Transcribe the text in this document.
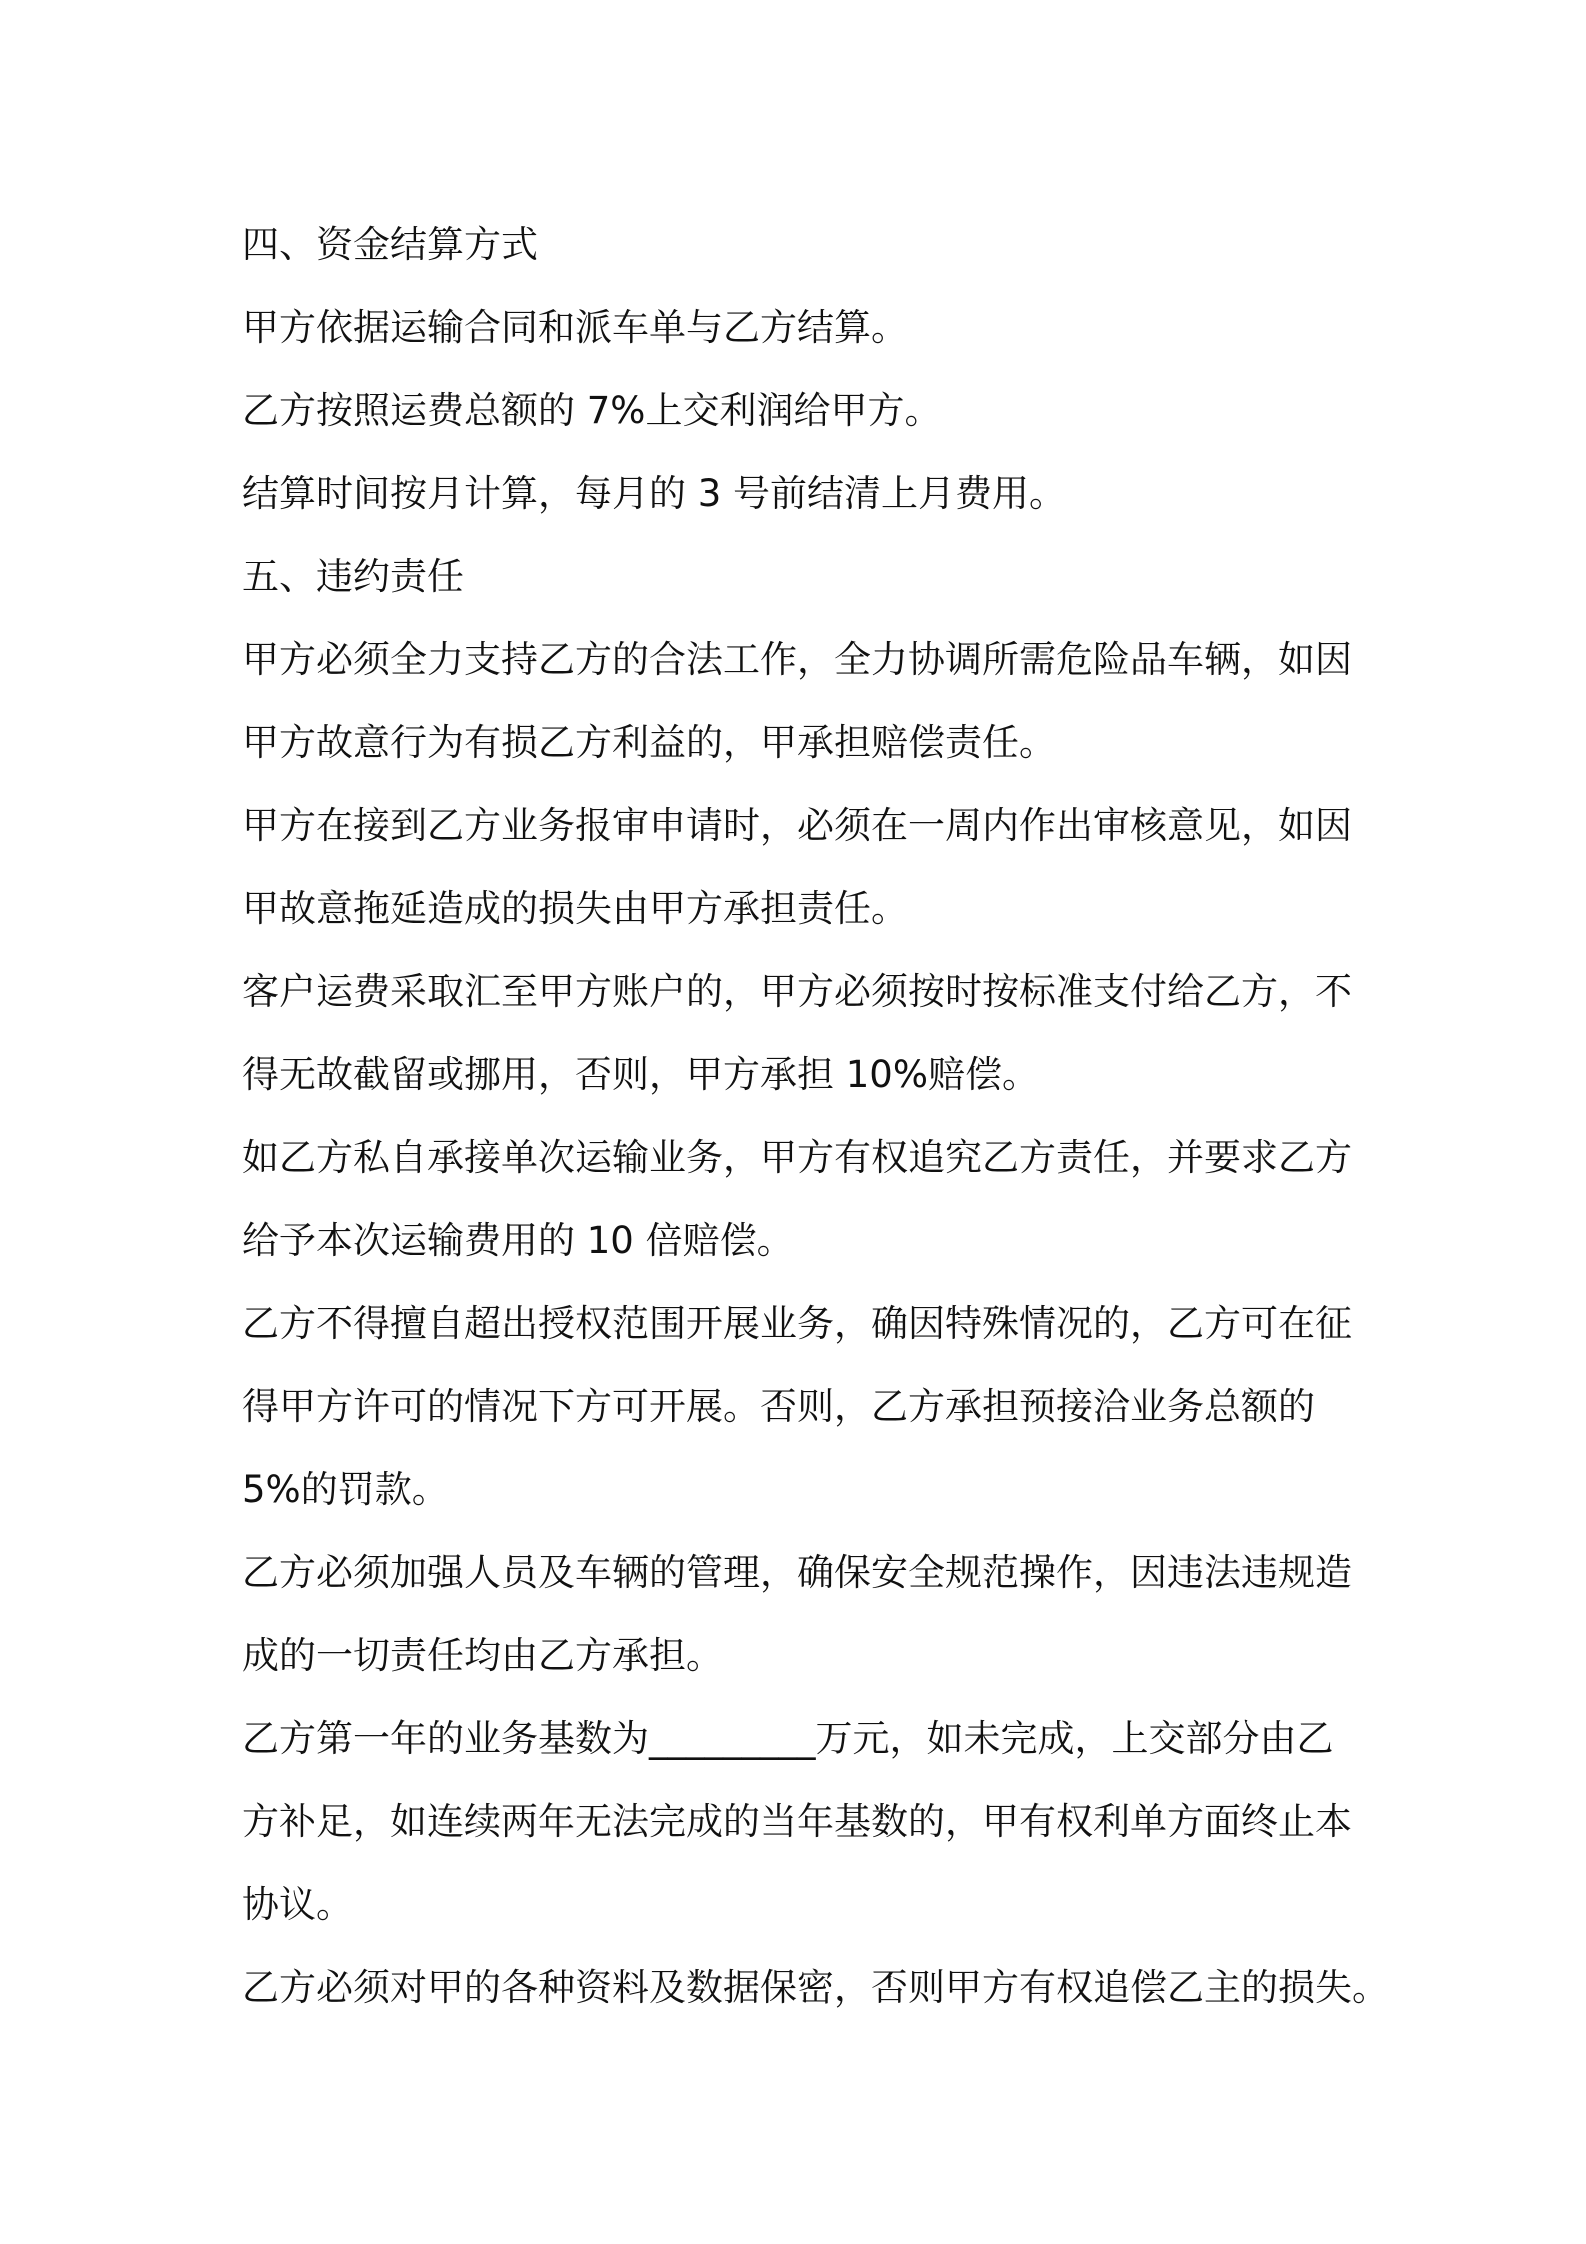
四、资金结算方式
甲方依据运输合同和派车单与乙方结算。
乙方按照运费总额的 7%上交利润给甲方。
结算时间按月计算，每月的 3 号前结清上月费用。
五、违约责任
甲方必须全力支持乙方的合法工作，全力协调所需危险品车辆，如因
甲方故意行为有损乙方利益的，甲承担赔偿责任。
甲方在接到乙方业务报审申请时，必须在一周内作出审核意见，如因
甲故意拖延造成的损失由甲方承担责任。
客户运费采取汇至甲方账户的，甲方必须按时按标准支付给乙方，不
得无故截留或挪用，否则，甲方承担 10%赔偿。
如乙方私自承接单次运输业务，甲方有权追究乙方责任，并要求乙方
给予本次运输费用的 10 倍赔偿。
乙方不得擅自超出授权范围开展业务，确因特殊情况的，乙方可在征
得甲方许可的情况下方可开展。否则，乙方承担预接洽业务总额的
5%的罚款。
乙方必须加强人员及车辆的管理，确保安全规范操作，因违法违规造
成的一切责任均由乙方承担。
乙方第一年的业务基数为_________万元，如未完成，上交部分由乙
方补足，如连续两年无法完成的当年基数的，甲有权利单方面终止本
协议。
乙方必须对甲的各种资料及数据保密，否则甲方有权追偿乙主的损失。
